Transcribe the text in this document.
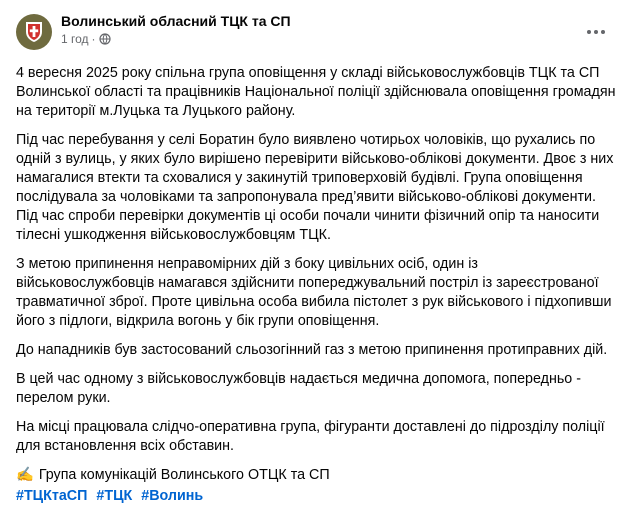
Волинський обласний ТЦК та СП
1 год ·

4 вересня 2025 року спільна група оповіщення у складі військовослужбовців ТЦК та СП Волинської області та працівників Національної поліції здійснювала оповіщення громадян на території м.Луцька та Луцького району.

Під час перебування у селі Боратин було виявлено чотирьох чоловіків, що рухались по одній з вулиць, у яких було вирішено перевірити військово-облікові документи. Двоє з них намагалися втекти та сховалися у закинутій триповерховій будівлі. Група оповіщення послідувала за чоловіками та запропонувала пред’явити військово-облікові документи. Під час спроби перевірки документів ці особи почали чинити фізичний опір та наносити тілесні ушкодження військовослужбовцям ТЦК.

З метою припинення неправомірних дій з боку цивільних осіб, один із військовослужбовців намагався здійснити попереджувальний постріл із зареєстрованої травматичної зброї. Проте цивільна особа вибила пістолет з рук військового і підхопивши його з підлоги, відкрила вогонь у бік групи оповіщення.

До нападників був застосований сльозогінний газ з метою припинення протиправних дій.

В цей час одному з військовослужбовців надається медична допомога, попередньо - перелом руки.

На місці працювала слідчо-оперативна група, фігуранти доставлені до підрозділу поліції для встановлення всіх обставин.

✍️ Група комунікацій Волинського ОТЦК та СП
#ТЦКтаСП #ТЦК #Волинь
